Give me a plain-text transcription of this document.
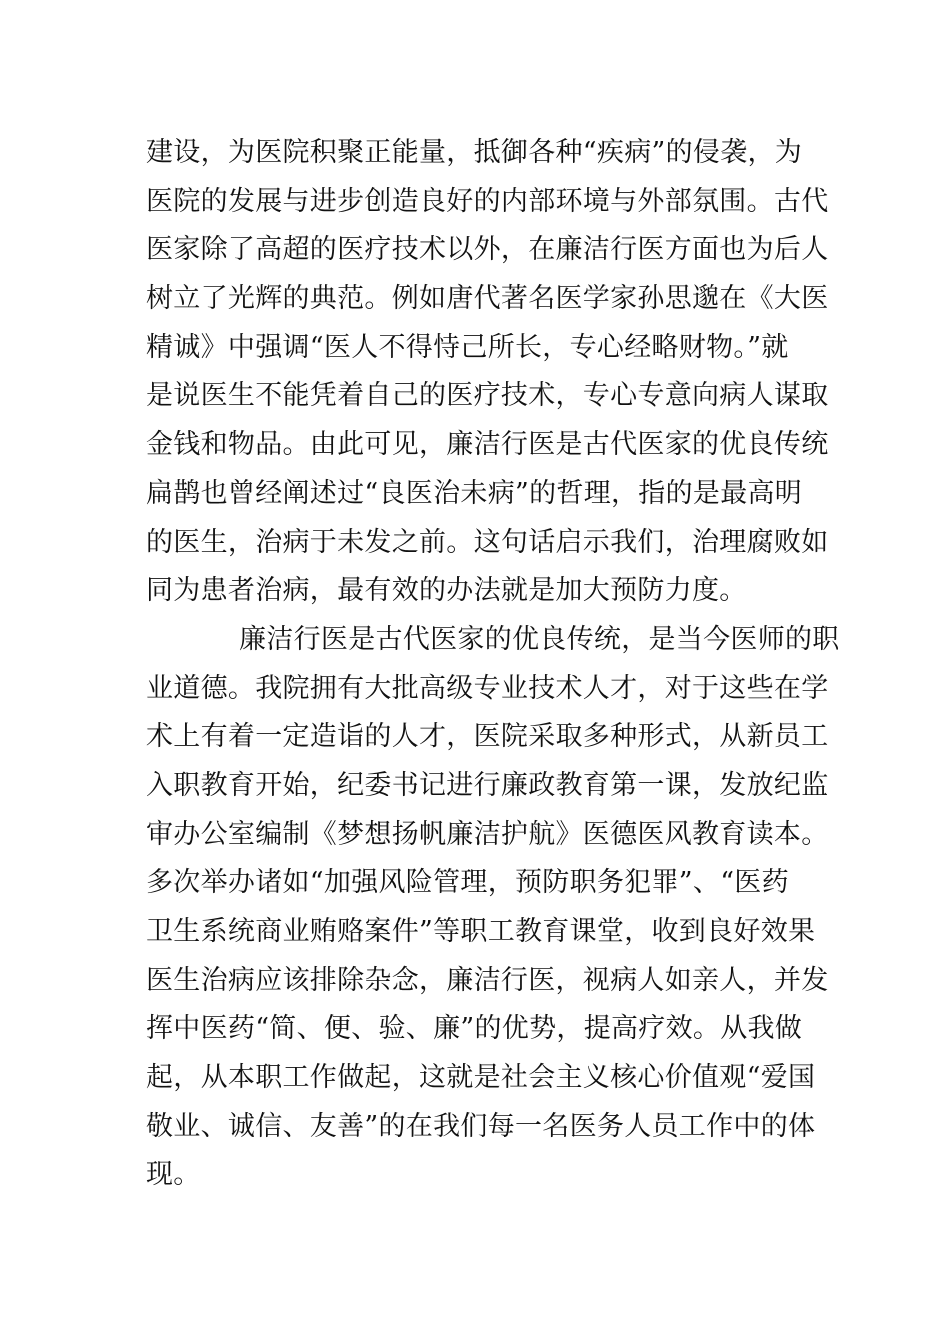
建设，为医院积聚正能量，抵御各种“疾病”的侵袭，为
医院的发展与进步创造良好的内部环境与外部氛围。古代
医家除了高超的医疗技术以外，在廉洁行医方面也为后人
树立了光辉的典范。例如唐代著名医学家孙思邈在《大医
精诚》中强调“医人不得恃己所长，专心经略财物。”就
是说医生不能凭着自己的医疗技术，专心专意向病人谋取
金钱和物品。由此可见，廉洁行医是古代医家的优良传统
扁鹊也曾经阐述过“良医治未病”的哲理，指的是最高明
的医生，治病于未发之前。这句话启示我们，治理腐败如
同为患者治病，最有效的办法就是加大预防力度。
廉洁行医是古代医家的优良传统，是当今医师的职
业道德。我院拥有大批高级专业技术人才，对于这些在学
术上有着一定造诣的人才，医院采取多种形式，从新员工
入职教育开始，纪委书记进行廉政教育第一课，发放纪监
审办公室编制《梦想扬帆廉洁护航》医德医风教育读本。
多次举办诸如“加强风险管理，预防职务犯罪”、“医药
卫生系统商业贿赂案件”等职工教育课堂，收到良好效果
医生治病应该排除杂念，廉洁行医，视病人如亲人，并发
挥中医药“简、便、验、廉”的优势，提高疗效。从我做
起，从本职工作做起，这就是社会主义核心价值观“爱国
敬业、诚信、友善”的在我们每一名医务人员工作中的体
现。
